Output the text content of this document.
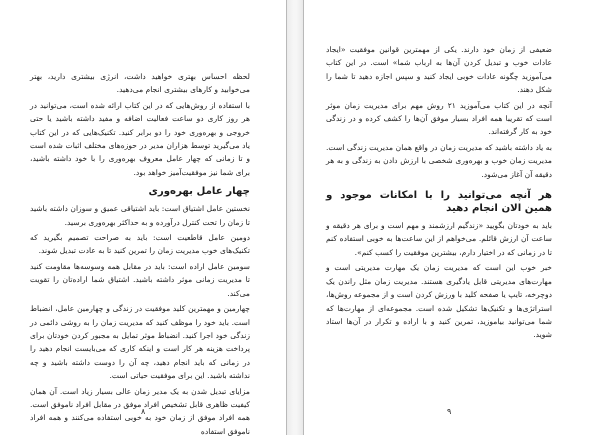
لحظه احساس بهتری خواهید داشت، انرژی بیشتری دارید، بهتر می‌خوابید و کارهای بیشتری انجام می‌دهید.

با استفاده از روش‌هایی که در این کتاب ارائه شده است، می‌توانید در هر روز کاری دو ساعت فعالیت اضافه و مفید داشته باشید یا حتی خروجی و بهره‌وری خود را دو برابر کنید. تکنیک‌هایی که در این کتاب یاد می‌گیرید توسط هزاران مدیر در حوزه‌های مختلف اثبات شده است و تا زمانی که چهار عامل معروف بهره‌وری را با خود داشته باشید، برای شما نیز موفقیت‌آمیز خواهد بود.

چهار عامل بهره‌وری

نخستین عامل اشتیاق است: باید اشتیاقی عمیق و سوزان داشته باشید تا زمان را تحت کنترل درآورده و به حداکثر بهره‌وری برسید.

دومین عامل قاطعیت است: باید به صراحت تصمیم بگیرید که تکنیک‌های خوب مدیریت زمان را تمرین کنید تا به عادت تبدیل شوند.

سومین عامل اراده است: باید در مقابل همه وسوسه‌ها مقاومت کنید تا مدیریت زمانی موثر داشته باشید. اشتیاق شما اراده‌تان را تقویت می‌کند.

چهارمین و مهمترین کلید موفقیت در زندگی و چهارمین عامل، انضباط است. باید خود را موظف کنید که مدیریت زمان را به روشی دائمی در زندگی خود اجرا کنید. انضباط موثر تمایل به مجبور کردن خودتان برای پرداخت هزینه هر کار است و اینکه کاری که می‌بایست انجام دهید را در زمانی که باید انجام دهید، چه آن را دوست داشته باشید و چه نداشته باشید. این برای موفقیت حیاتی است.

مزایای تبدیل شدن به یک مدیر زمان عالی بسیار زیاد است. آن همان کیفیت ظاهری قابل تشخیص افراد موفق در مقابل افراد ناموفق است. همه افراد موفق از زمان خود به خوبی استفاده می‌کنند و همه افراد ناموفق استفاده

۸

ضعیفی از زمان خود دارند. یکی از مهمترین قوانین موفقیت «ایجاد عادات خوب و تبدیل کردن آن‌ها به ارباب شما» است. در این کتاب می‌آموزید چگونه عادات خوبی ایجاد کنید و سپس اجازه دهید تا شما را شکل دهند.

آنچه در این کتاب می‌آموزید ۲۱ روش مهم برای مدیریت زمان موثر است که تقریبا همه افراد بسیار موفق آن‌ها را کشف کرده و در زندگی خود به کار گرفته‌اند.

به یاد داشته باشید که مدیریت زمان در واقع همان مدیریت زندگی است. مدیریت زمان خوب و بهره‌وری شخصی با ارزش دادن به زندگی و به هر دقیقه آن آغاز می‌شود.

هر آنچه می‌توانید را با امکانات موجود و همین الان انجام دهید

باید به خودتان بگویید «زندگیم ارزشمند و مهم است و برای هر دقیقه و ساعت آن ارزش قائلم. می‌خواهم از این ساعت‌ها به خوبی استفاده کنم تا در زمانی که در اختیار دارم، بیشترین موفقیت را کسب کنم».

خبر خوب این است که مدیریت زمان یک مهارت مدیریتی است و مهارت‌های مدیریتی قابل یادگیری هستند. مدیریت زمان مثل راندن یک دوچرخه، تایپ یا صفحه کلید با ورزش کردن است و از مجموعه روش‌ها، استراتژی‌ها و تکنیک‌ها تشکیل شده است. مجموعه‌ای از مهارت‌ها که شما می‌توانید بیاموزید، تمرین کنید و با اراده و تکرار در آن‌ها استاد شوید.

۹
